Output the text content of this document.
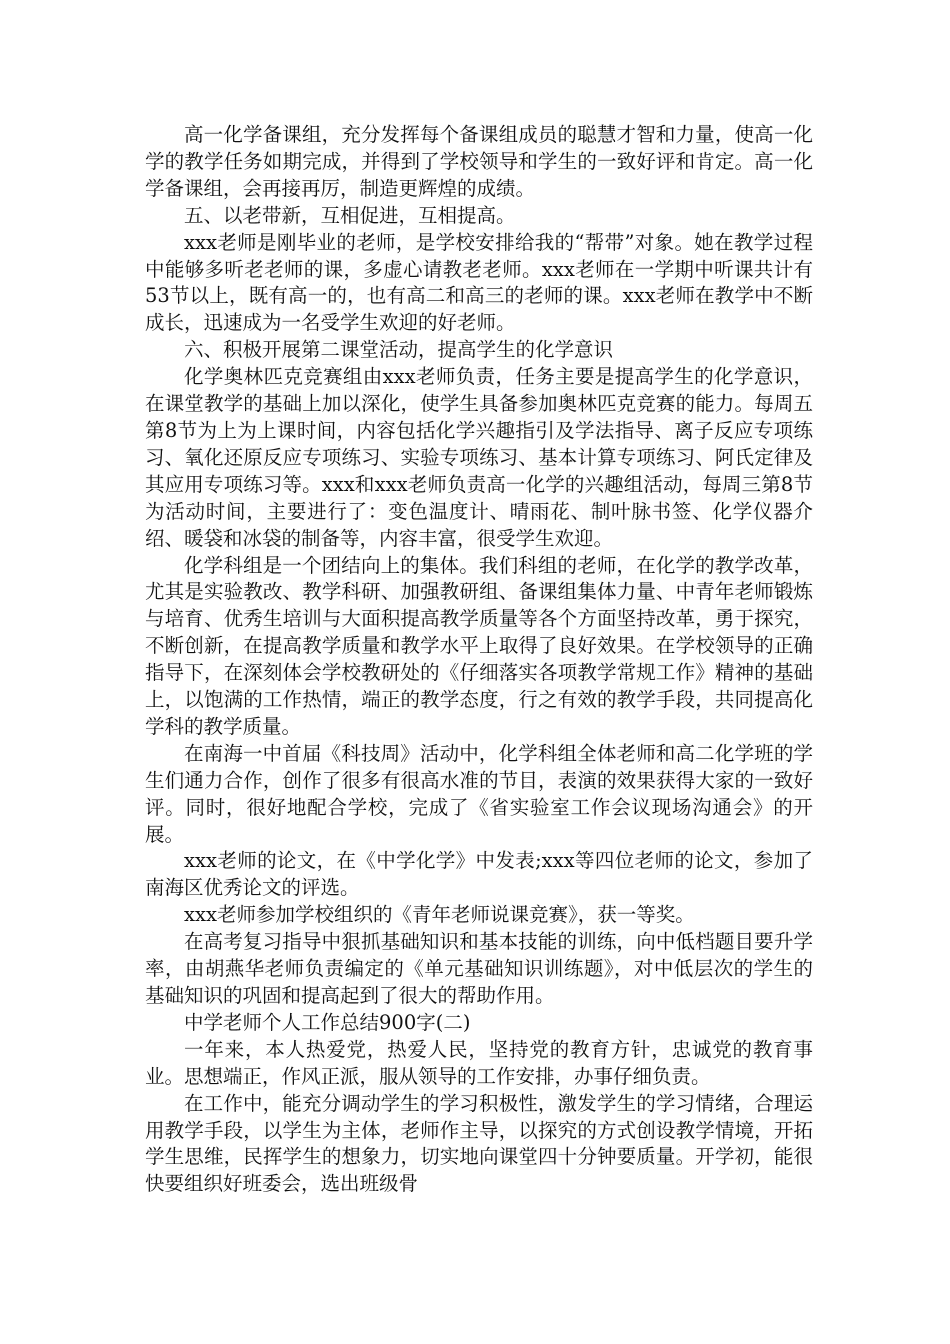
高一化学备课组，充分发挥每个备课组成员的聪慧才智和力量，使高一化学的教学任务如期完成，并得到了学校领导和学生的一致好评和肯定。高一化学备课组，会再接再厉，制造更辉煌的成绩。

五、以老带新，互相促进，互相提高。

xxx老师是刚毕业的老师，是学校安排给我的“帮带”对象。她在教学过程中能够多听老老师的课，多虚心请教老老师。xxx老师在一学期中听课共计有53节以上，既有高一的，也有高二和高三的老师的课。xxx老师在教学中不断成长，迅速成为一名受学生欢迎的好老师。

六、积极开展第二课堂活动，提高学生的化学意识

化学奥林匹克竞赛组由xxx老师负责，任务主要是提高学生的化学意识，在课堂教学的基础上加以深化，使学生具备参加奥林匹克竞赛的能力。每周五第8节为上为上课时间，内容包括化学兴趣指引及学法指导、离子反应专项练习、氧化还原反应专项练习、实验专项练习、基本计算专项练习、阿氏定律及其应用专项练习等。xxx和xxx老师负责高一化学的兴趣组活动，每周三第8节为活动时间，主要进行了：变色温度计、晴雨花、制叶脉书签、化学仪器介绍、暖袋和冰袋的制备等，内容丰富，很受学生欢迎。

化学科组是一个团结向上的集体。我们科组的老师，在化学的教学改革，尤其是实验教改、教学科研、加强教研组、备课组集体力量、中青年老师锻炼与培育、优秀生培训与大面积提高教学质量等各个方面坚持改革，勇于探究，不断创新，在提高教学质量和教学水平上取得了良好效果。在学校领导的正确指导下，在深刻体会学校教研处的《仔细落实各项教学常规工作》精神的基础上，以饱满的工作热情，端正的教学态度，行之有效的教学手段，共同提高化学科的教学质量。

在南海一中首届《科技周》活动中，化学科组全体老师和高二化学班的学生们通力合作，创作了很多有很高水准的节目，表演的效果获得大家的一致好评。同时，很好地配合学校，完成了《省实验室工作会议现场沟通会》的开展。

xxx老师的论文，在《中学化学》中发表;xxx等四位老师的论文，参加了南海区优秀论文的评选。

xxx老师参加学校组织的《青年老师说课竞赛》，获一等奖。

在高考复习指导中狠抓基础知识和基本技能的训练，向中低档题目要升学率，由胡燕华老师负责编定的《单元基础知识训练题》，对中低层次的学生的基础知识的巩固和提高起到了很大的帮助作用。

中学老师个人工作总结900字(二)

一年来，本人热爱党，热爱人民，坚持党的教育方针，忠诚党的教育事业。思想端正，作风正派，服从领导的工作安排，办事仔细负责。

在工作中，能充分调动学生的学习积极性，激发学生的学习情绪，合理运用教学手段，以学生为主体，老师作主导，以探究的方式创设教学情境，开拓学生思维，民挥学生的想象力，切实地向课堂四十分钟要质量。开学初，能很快要组织好班委会，选出班级骨
